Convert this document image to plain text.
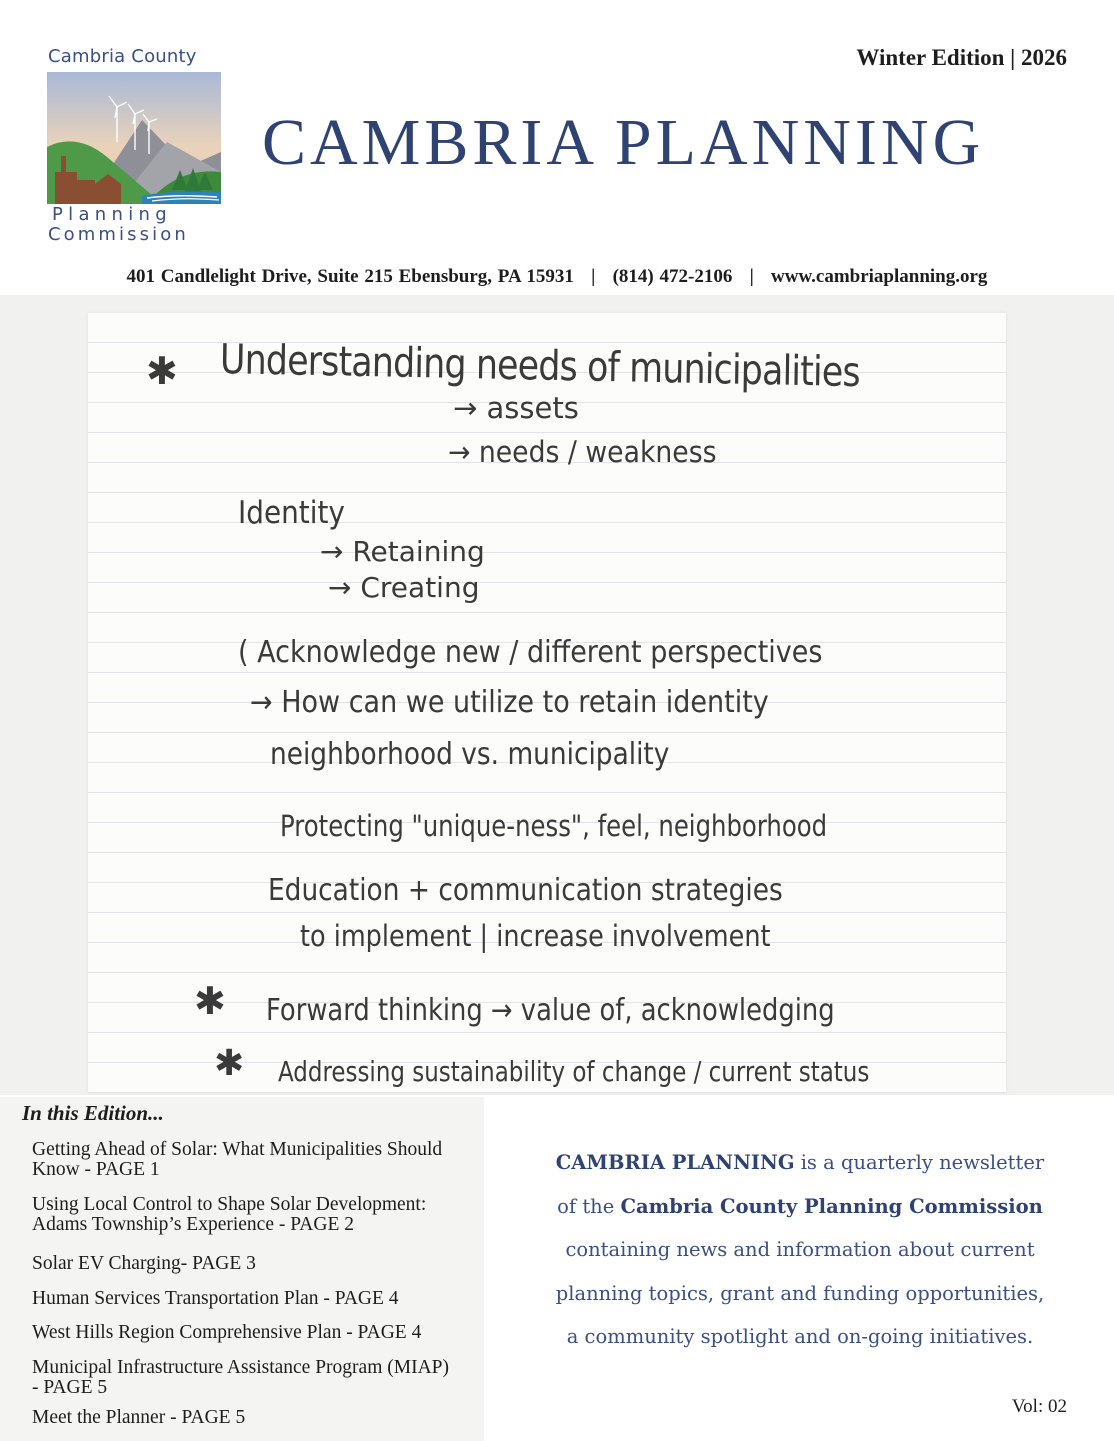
Cambria County
Planning
Commission
Winter Edition | 2026
CAMBRIA PLANNING
401 Candlelight Drive, Suite 215 Ebensburg, PA 15931   |   (814) 472-2106   |   www.cambriaplanning.org
✱ Understanding needs of municipalities
→ assets
→ needs / weakness
Identity
→ Retaining
→ Creating
( Acknowledge new / different perspectives
→ How can we utilize to retain identity
neighborhood vs. municipality
Protecting "unique-ness", feel, neighborhood
Education + communication strategies
to implement | increase involvement
✱ Forward thinking → value of, acknowledging
✱ Addressing sustainability of change / current status
In this Edition...
Getting Ahead of Solar: What Municipalities Should Know - PAGE 1
Using Local Control to Shape Solar Development: Adams Township’s Experience - PAGE 2
Solar EV Charging- PAGE 3
Human Services Transportation Plan - PAGE 4
West Hills Region Comprehensive Plan - PAGE 4
Municipal Infrastructure Assistance Program (MIAP) - PAGE 5
Meet the Planner - PAGE 5
CAMBRIA PLANNING is a quarterly newsletter
of the Cambria County Planning Commission
containing news and information about current
planning topics, grant and funding opportunities,
a community spotlight and on-going initiatives.
Vol: 02
